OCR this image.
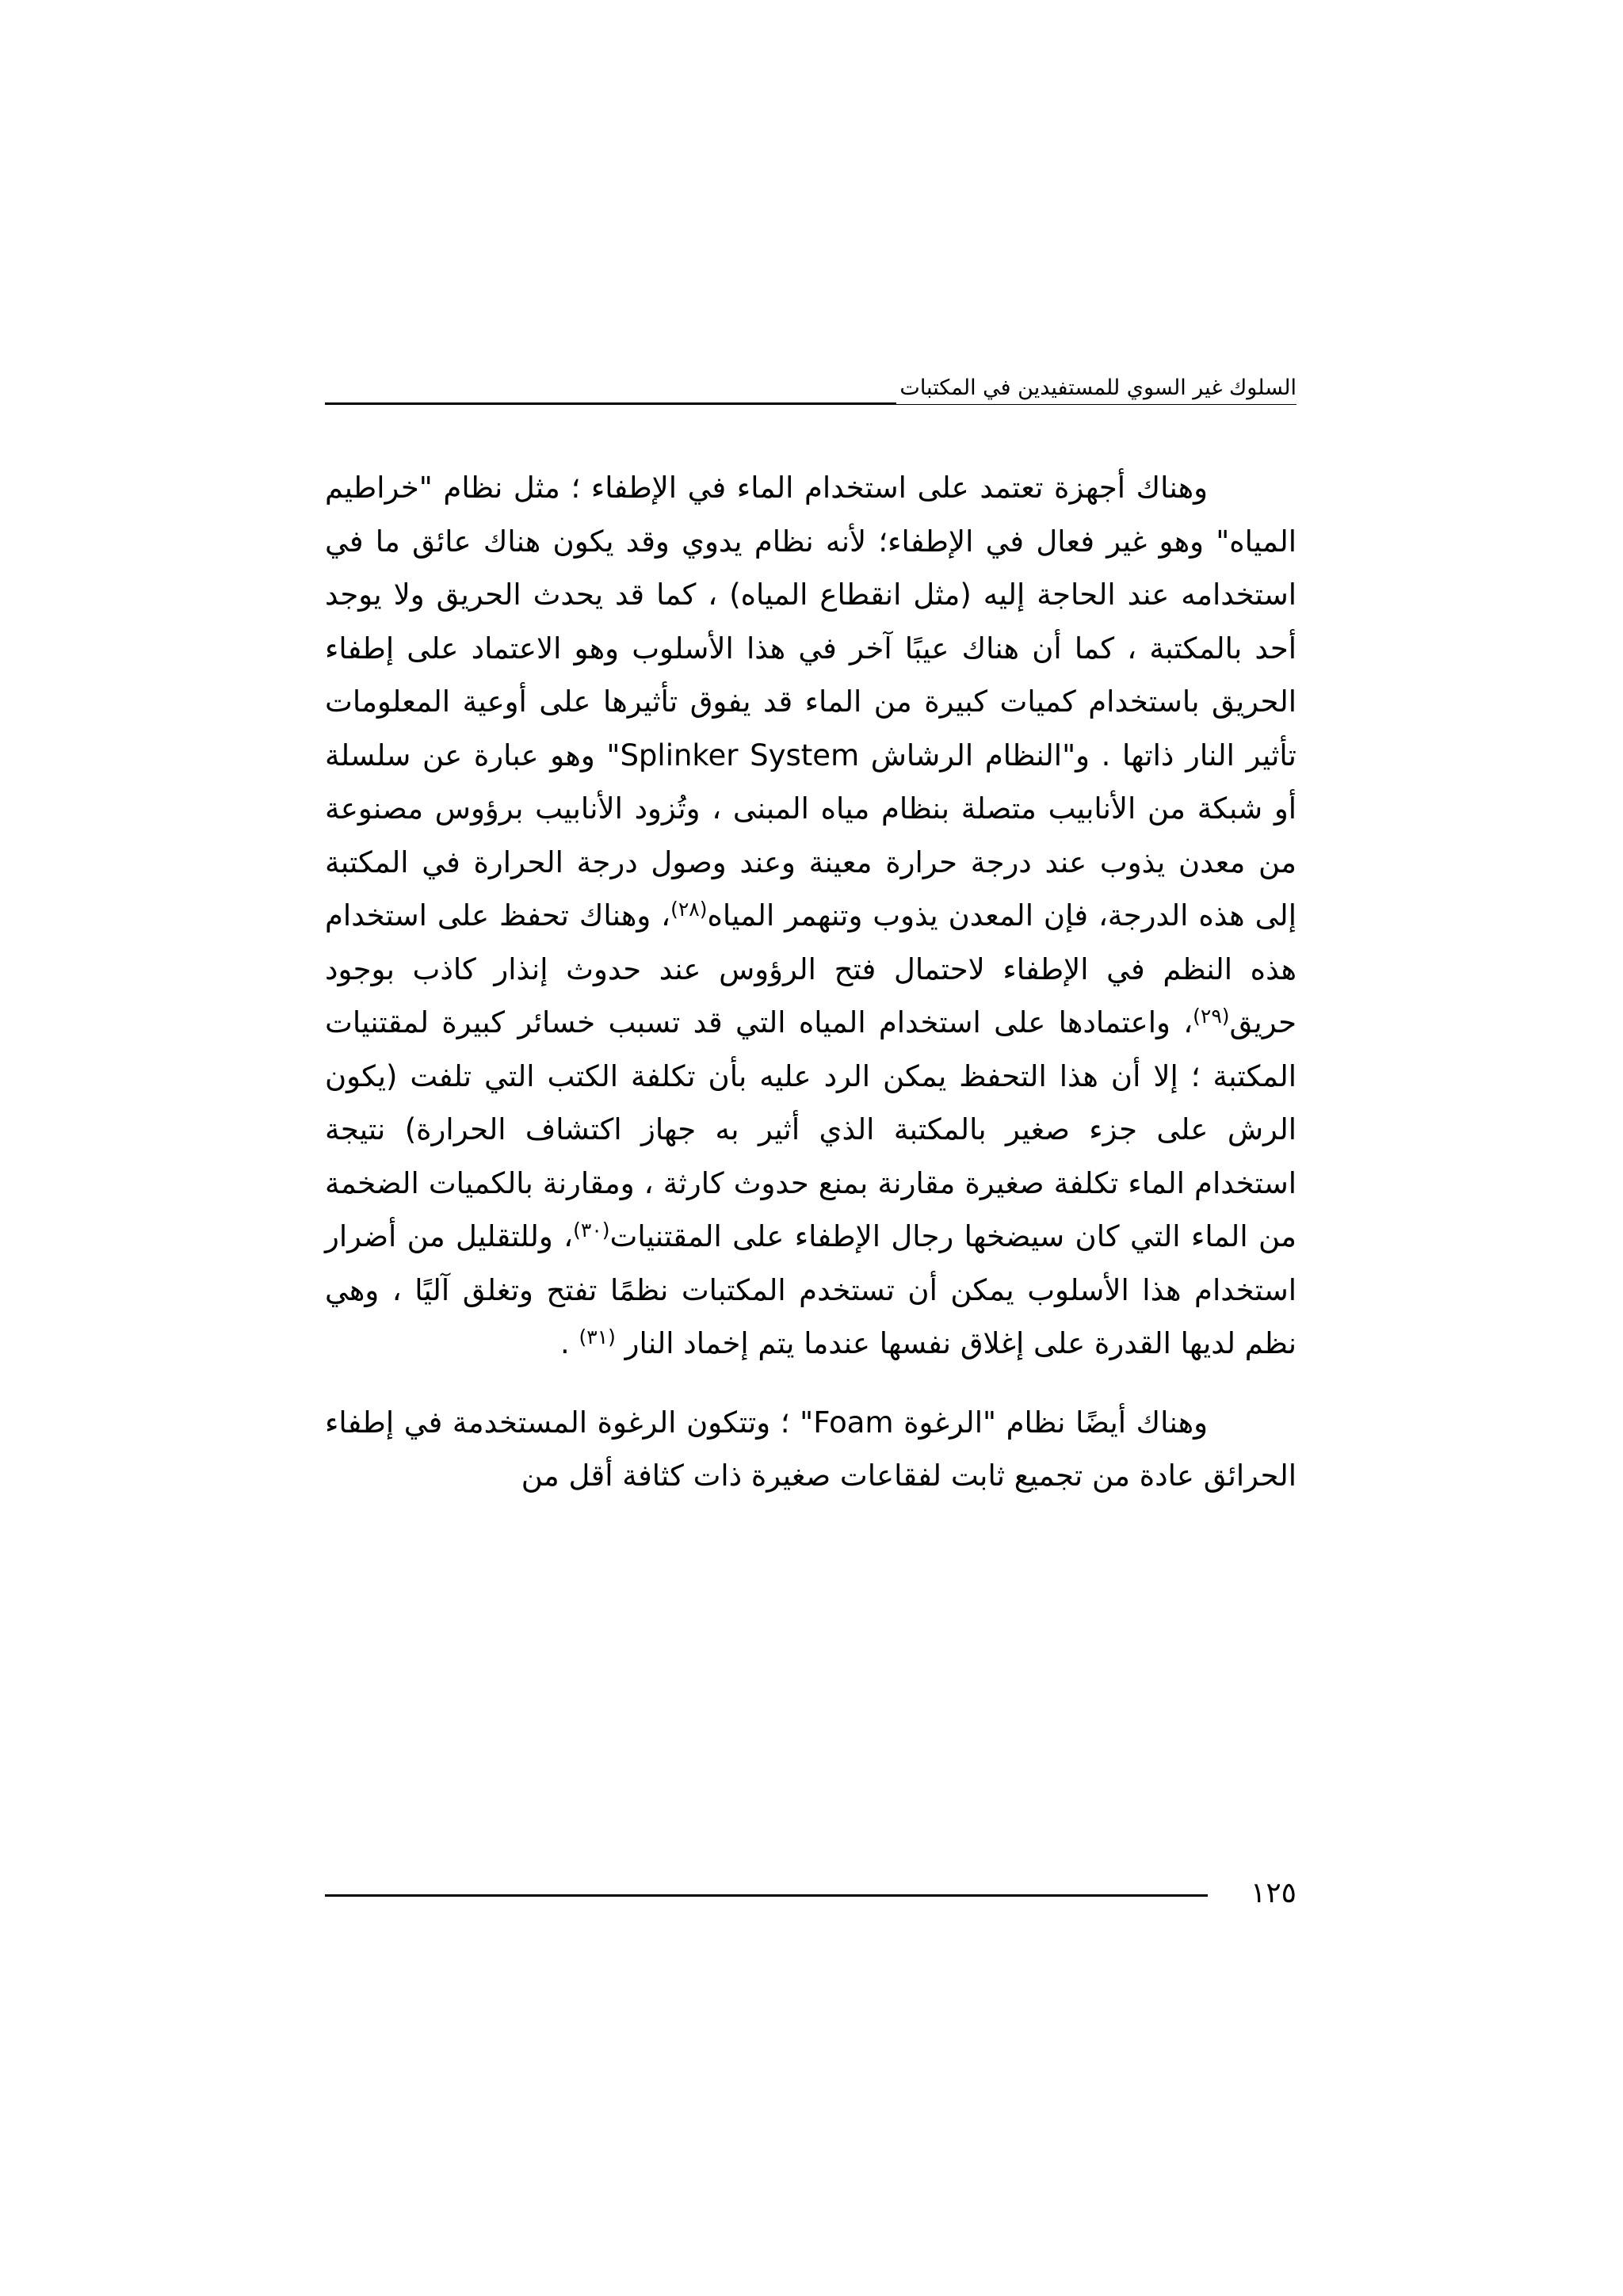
السلوك غير السوي للمستفيدين في المكتبات

وهناك أجهزة تعتمد على استخدام الماء في الإطفاء ؛ مثل نظام "خراطيم المياه" وهو غير فعال في الإطفاء؛ لأنه نظام يدوي وقد يكون هناك عائق ما في استخدامه عند الحاجة إليه (مثل انقطاع المياه) ، كما قد يحدث الحريق ولا يوجد أحد بالمكتبة ، كما أن هناك عيبًا آخر في هذا الأسلوب وهو الاعتماد على إطفاء الحريق باستخدام كميات كبيرة من الماء قد يفوق تأثيرها على أوعية المعلومات تأثير النار ذاتها . و"النظام الرشاش Splinker System" وهو عبارة عن سلسلة أو شبكة من الأنابيب متصلة بنظام مياه المبنى ، وتُزود الأنابيب برؤوس مصنوعة من معدن يذوب عند درجة حرارة معينة وعند وصول درجة الحرارة في المكتبة إلى هذه الدرجة، فإن المعدن يذوب وتنهمر المياه$^{(٢٨)}$، وهناك تحفظ على استخدام هذه النظم في الإطفاء لاحتمال فتح الرؤوس عند حدوث إنذار كاذب بوجود حريق$^{(٢٩)}$، واعتمادها على استخدام المياه التي قد تسبب خسائر كبيرة لمقتنيات المكتبة ؛ إلا أن هذا التحفظ يمكن الرد عليه بأن تكلفة الكتب التي تلفت (يكون الرش على جزء صغير بالمكتبة الذي أثير به جهاز اكتشاف الحرارة) نتيجة استخدام الماء تكلفة صغيرة مقارنة بمنع حدوث كارثة ، ومقارنة بالكميات الضخمة من الماء التي كان سيضخها رجال الإطفاء على المقتنيات$^{(٣٠)}$، وللتقليل من أضرار استخدام هذا الأسلوب يمكن أن تستخدم المكتبات نظمًا تفتح وتغلق آليًا ، وهي نظم لديها القدرة على إغلاق نفسها عندما يتم إخماد النار $^{(٣١)}$ .

وهناك أيضًا نظام "الرغوة Foam" ؛ وتتكون الرغوة المستخدمة في إطفاء الحرائق عادة من تجميع ثابت لفقاعات صغيرة ذات كثافة أقل من

١٢٥
